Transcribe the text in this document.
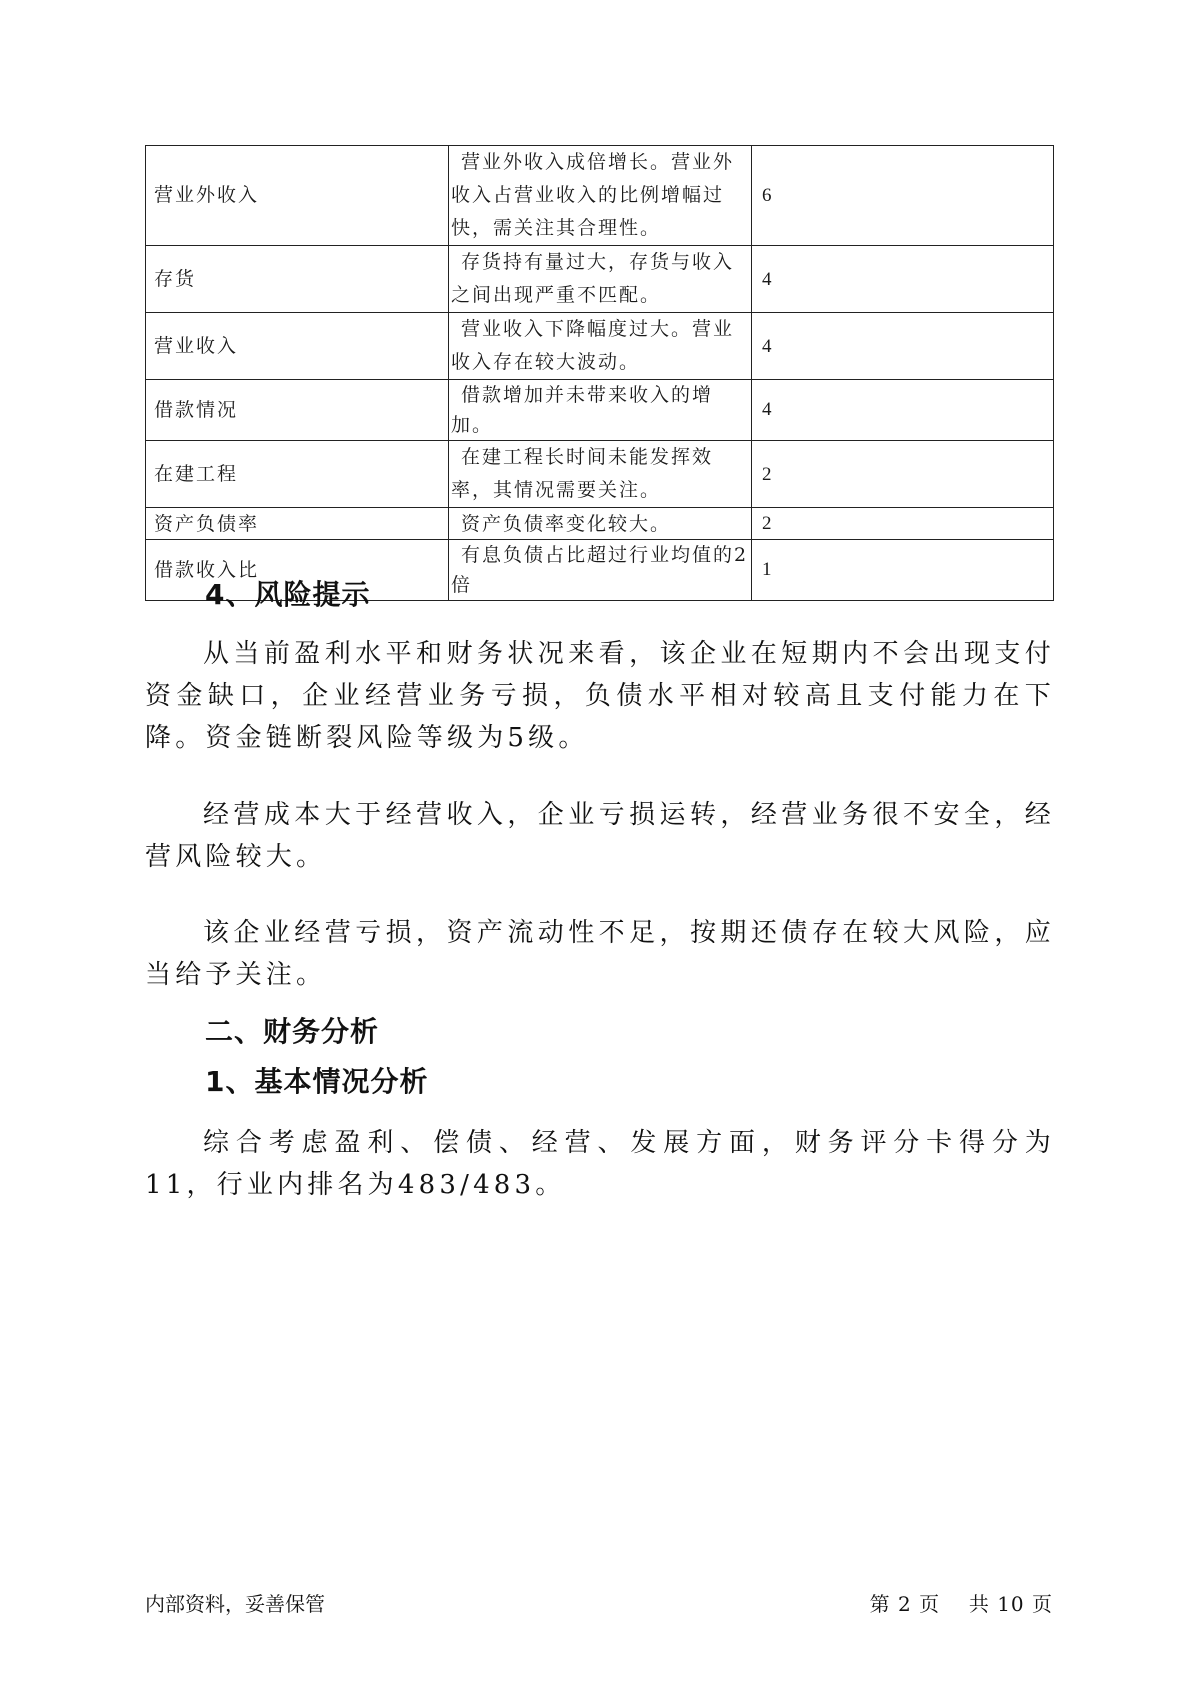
营业外收入	营业外收入成倍增长。营业外收入占营业收入的比例增幅过快，需关注其合理性。	6
存货	存货持有量过大，存货与收入之间出现严重不匹配。	4
营业收入	营业收入下降幅度过大。营业收入存在较大波动。	4
借款情况	借款增加并未带来收入的增加。	4
在建工程	在建工程长时间未能发挥效率，其情况需要关注。	2
资产负债率	资产负债率变化较大。	2
借款收入比	有息负债占比超过行业均值的2倍	1
4、风险提示

从当前盈利水平和财务状况来看，该企业在短期内不会出现支付资金缺口，企业经营业务亏损，负债水平相对较高且支付能力在下降。资金链断裂风险等级为5级。

经营成本大于经营收入，企业亏损运转，经营业务很不安全，经营风险较大。

该企业经营亏损，资产流动性不足，按期还债存在较大风险，应当给予关注。

二、财务分析
1、基本情况分析

综合考虑盈利、偿债、经营、发展方面，财务评分卡得分为11，行业内排名为483/483。

内部资料，妥善保管	第 2 页 共 10 页
